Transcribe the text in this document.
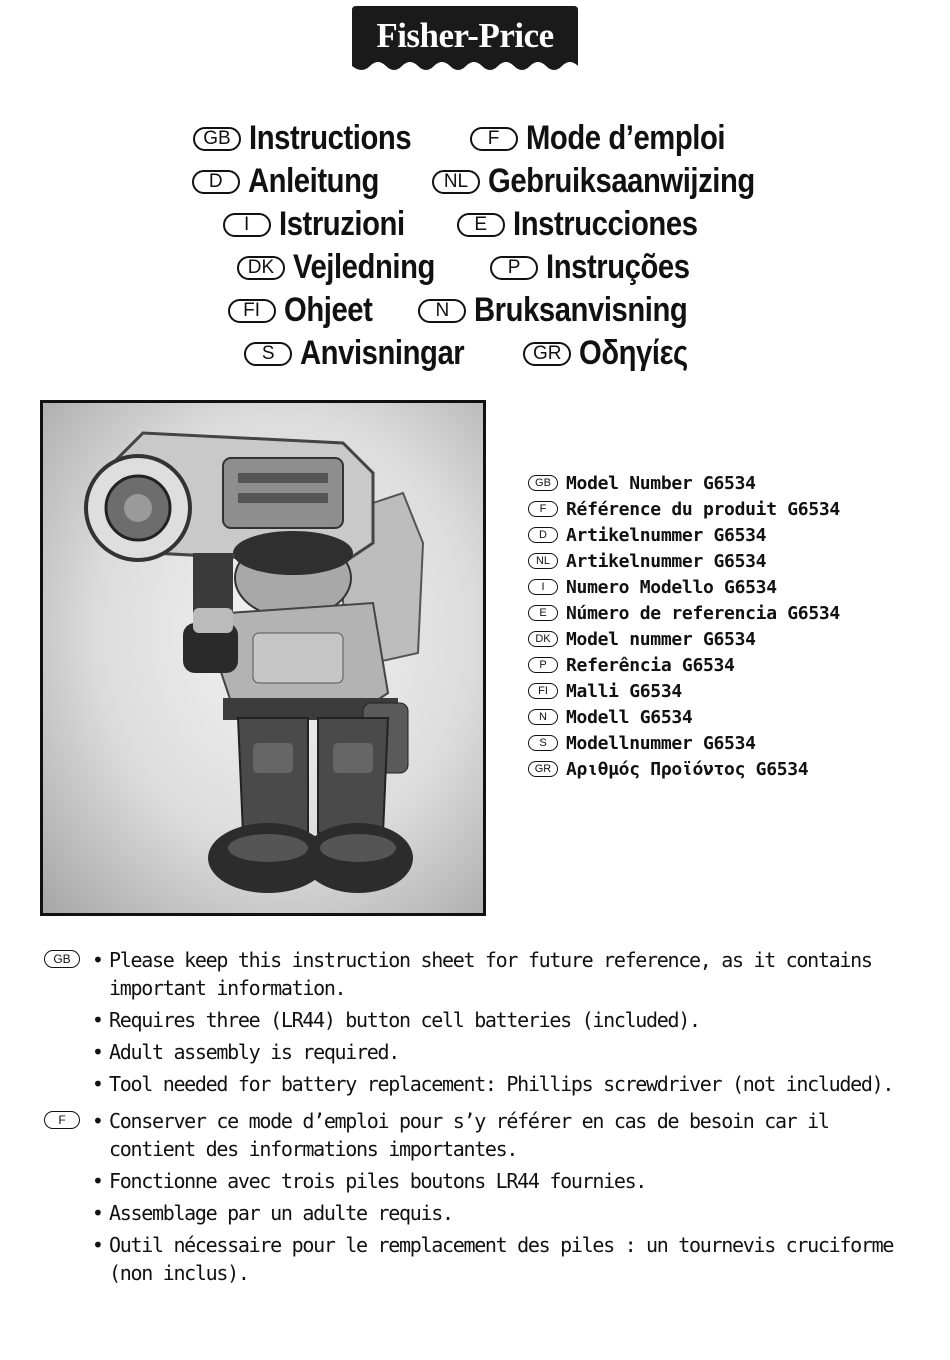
Fisher-Price
GB Instructions	F Mode d’emploi
D Anleitung	NL Gebruiksaanwijzing
I Istruzioni	E Instrucciones
DK Vejledning	P Instruções
FI Ohjeet	N Bruksanvisning
S Anvisningar	GR Οδηγίες
GB Model Number G6534
F	Référence du produit G6534
D	Artikelnummer G6534
NL Artikelnummer G6534
I	Numero Modello G6534
E	Número de referencia G6534
DK Model nummer G6534
P	Referência G6534
FI	Malli G6534
N	Modell G6534
S	Modellnummer G6534
GR Αριθμός Προϊόντος G6534
GB	• Please keep this instruction sheet for future reference, as it contains important information.
• Requires three (LR44) button cell batteries (included).
• Adult assembly is required.
• Tool needed for battery replacement: Phillips screwdriver (not included).
F	• Conserver ce mode d’emploi pour s’y référer en cas de besoin car il contient des informations importantes.
• Fonctionne avec trois piles boutons LR44 fournies.
• Assemblage par un adulte requis.
• Outil nécessaire pour le remplacement des piles : un tournevis cruciforme (non inclus).
